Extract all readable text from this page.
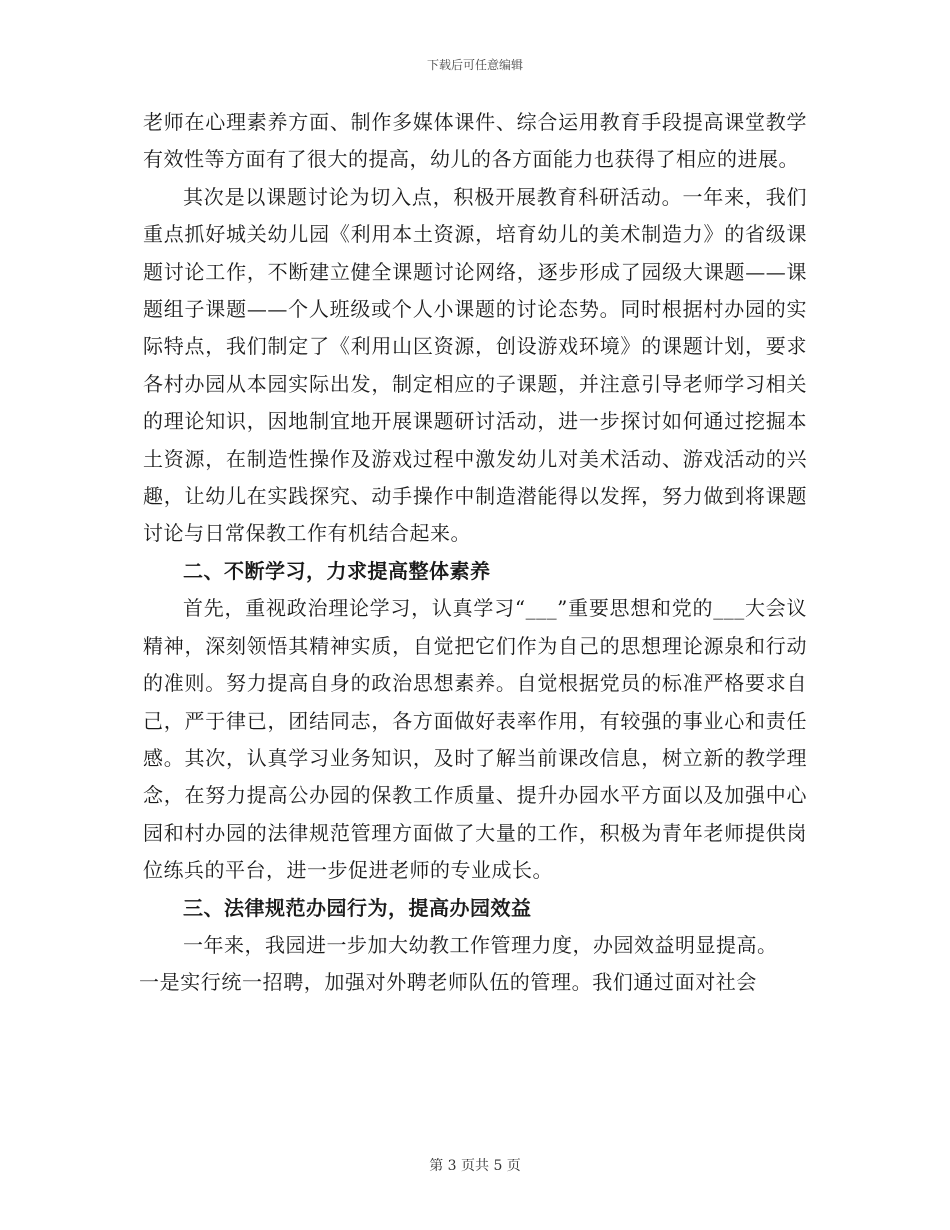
下载后可任意编辑

老师在心理素养方面、制作多媒体课件、综合运用教育手段提高课堂教学有效性等方面有了很大的提高，幼儿的各方面能力也获得了相应的进展。

其次是以课题讨论为切入点，积极开展教育科研活动。一年来，我们重点抓好城关幼儿园《利用本土资源，培育幼儿的美术制造力》的省级课题讨论工作，不断建立健全课题讨论网络，逐步形成了园级大课题——课题组子课题——个人班级或个人小课题的讨论态势。同时根据村办园的实际特点，我们制定了《利用山区资源，创设游戏环境》的课题计划，要求各村办园从本园实际出发，制定相应的子课题，并注意引导老师学习相关的理论知识，因地制宜地开展课题研讨活动，进一步探讨如何通过挖掘本土资源，在制造性操作及游戏过程中激发幼儿对美术活动、游戏活动的兴趣，让幼儿在实践探究、动手操作中制造潜能得以发挥，努力做到将课题讨论与日常保教工作有机结合起来。

二、不断学习，力求提高整体素养

首先，重视政治理论学习，认真学习“___”重要思想和党的___大会议精神，深刻领悟其精神实质，自觉把它们作为自己的思想理论源泉和行动的准则。努力提高自身的政治思想素养。自觉根据党员的标准严格要求自己，严于律已，团结同志，各方面做好表率作用，有较强的事业心和责任感。其次，认真学习业务知识，及时了解当前课改信息，树立新的教学理念，在努力提高公办园的保教工作质量、提升办园水平方面以及加强中心园和村办园的法律规范管理方面做了大量的工作，积极为青年老师提供岗位练兵的平台，进一步促进老师的专业成长。

三、法律规范办园行为，提高办园效益

一年来，我园进一步加大幼教工作管理力度，办园效益明显提高。

一是实行统一招聘，加强对外聘老师队伍的管理。我们通过面对社会

第 3 页共 5 页
